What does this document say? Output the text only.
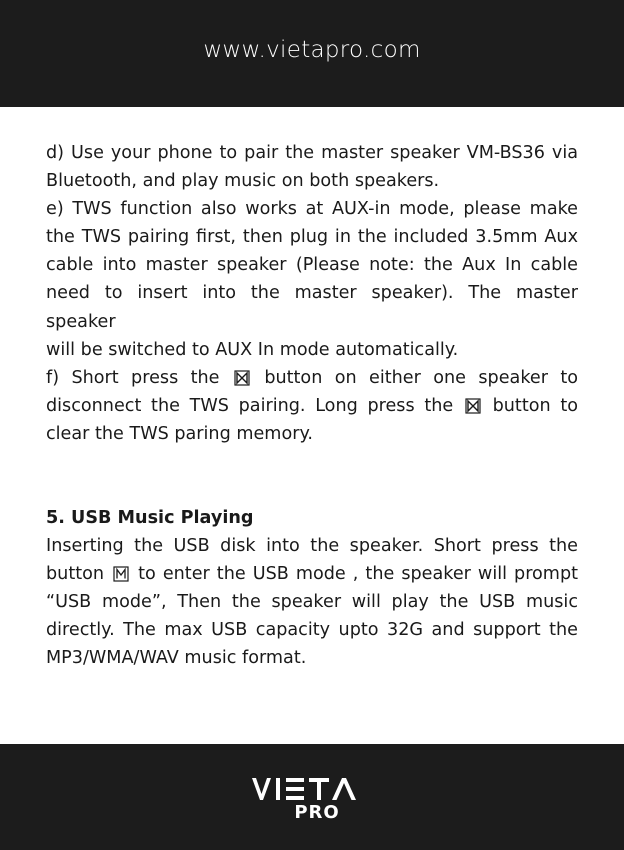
www.vietapro.com
d) Use your phone to pair the master speaker VM-BS36 via
Bluetooth, and play music on both speakers.
e) TWS function also works at AUX-in mode, please make
the TWS pairing first, then plug in the included 3.5mm Aux
cable into master speaker (Please note: the Aux In cable
need to insert into the master speaker). The master speaker
will be switched to AUX In mode automatically.
f) Short press the	button on either one speaker to
disconnect the TWS pairing. Long press the button to
clear the TWS paring memory.
5. USB Music Playing
Inserting the USB disk into the speaker. Short press the
button to enter the USB mode , the speaker will prompt
“USB mode”, Then the speaker will play the USB music
directly. The max USB capacity upto 32G and support the
MP3/WMA/WAV music format.
PRO
